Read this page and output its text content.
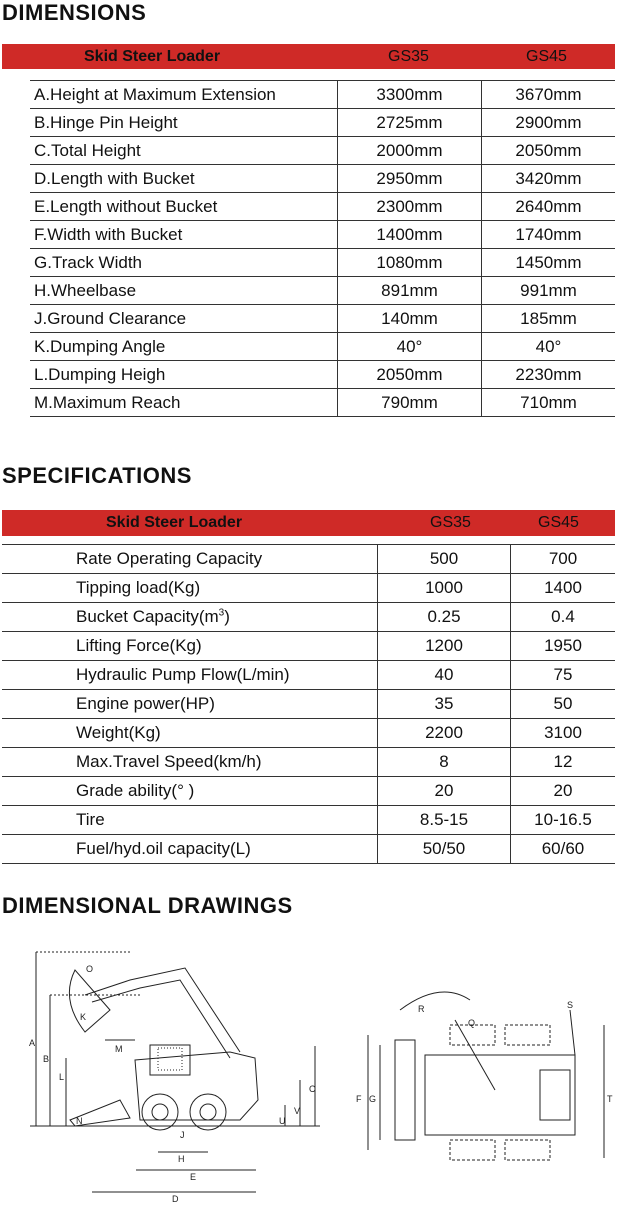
DIMENSIONS
Skid Steer Loader	GS35	GS45
A.Height at Maximum Extension	3300mm	3670mm
B.Hinge Pin Height	2725mm	2900mm
C.Total Height	2000mm	2050mm
D.Length with Bucket	2950mm	3420mm
E.Length without Bucket	2300mm	2640mm
F.Width with Bucket	1400mm	1740mm
G.Track Width	1080mm	1450mm
H.Wheelbase	891mm	991mm
J.Ground Clearance	140mm	185mm
K.Dumping Angle	40°	40°
L.Dumping Heigh	2050mm	2230mm
M.Maximum Reach	790mm	710mm
SPECIFICATIONS
Skid Steer Loader	GS35	GS45
Rate Operating Capacity	500	700
Tipping load(Kg)	1000	1400
Bucket $Capacity(m^3)$	0.25	0.4
Lifting Force(Kg)	1200	1950
Hydraulic Pump Flow(L/min)	40	75
Engine power(HP)	35	50
Weight(Kg)	2200	3100
Max.Travel Speed(km/h)	8	12
Grade ability(° )	20	20
Tire	8.5-15	10-16.5
Fuel/hyd.oil capacity(L)	50/50	60/60
DIMENSIONAL DRAWINGS
O
K
A
B
L
M
C
V
U
N
J
H
E
D
R
Q
S
F G	T
